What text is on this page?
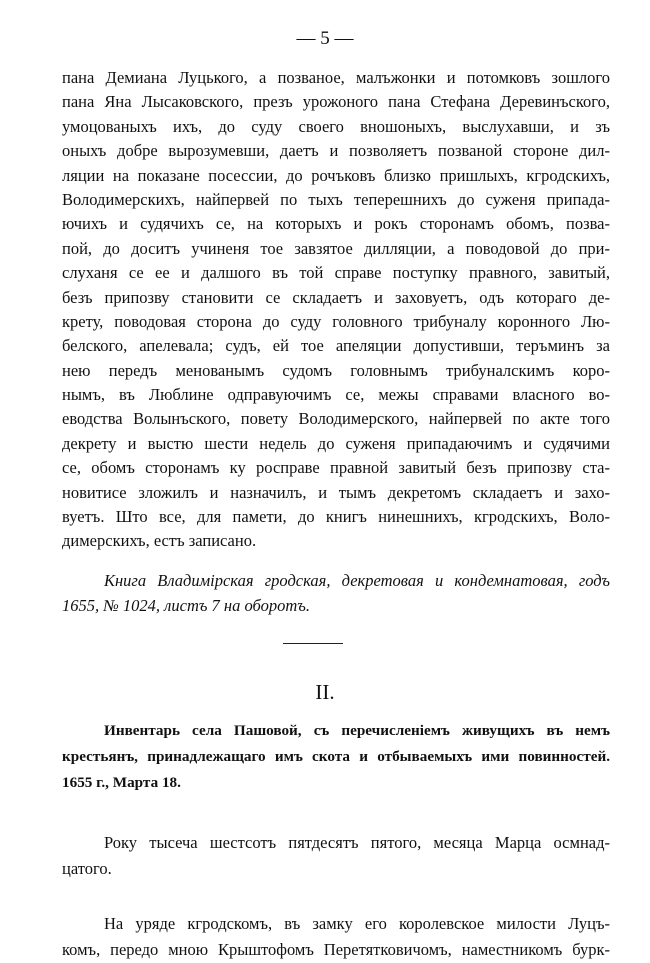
— 5 —
пана Демиана Луцького, а позваное, малъжонки и потомковъ зошлого
пана Яна Лысаковского, презъ урожоного пана Стефана Деревинъского,
умоцованыхъ ихъ, до суду своего вношоныхъ, выслухавши, и зъ
оныхъ добре вырозумевши, даетъ и позволяетъ позваной стороне дил-
ляции на показане посессии, до рочъковъ близко пришлыхъ, кгродскихъ,
Володимерскихъ, найпервей по тыхъ теперешнихъ до суженя припада-
ючихъ и судячихъ се, на которыхъ и рокъ сторонамъ обомъ, позва-
пой, до доситъ учиненя тое завзятое дилляции, а поводовой до при-
слуханя се ее и далшого въ той справе поступку правного, завитый,
безъ припозву становити се складаетъ и заховуетъ, одъ котораго де-
крету, поводовая сторона до суду головного трибуналу коронного Лю-
белского, апелевала; судъ, ей тое апеляции допустивши, теръминъ за
нею передъ менованымъ судомъ головнымъ трибуналскимъ коро-
нымъ, въ Люблине одправуючимъ се, межы справами власного во-
еводства Волынъского, повету Володимерского, найпервей по акте того
декрету и выстю шести недель до суженя припадаючимъ и судячими
се, обомъ сторонамъ ку росправе правной завитый безъ припозву ста-
новитисе зложилъ и назначилъ, и тымъ декретомъ складаетъ и захо-
вуетъ. Што все, для памети, до книгъ нинешнихъ, кгродскихъ, Воло-
димерскихъ, естъ записано.
Книга Владимірская гродская, декретовая и кондемнатовая, годъ
1655, № 1024, листъ 7 на оборотъ.
II.
Инвентарь села Пашовой, съ перечисленіемъ живущихъ въ немъ
крестьянъ, принадлежащаго имъ скота и отбываемыхъ ими повинностей.
1655 г., Марта 18.
Року тысеча шестсотъ пятдесятъ пятого, месяца Марца осмнад-
цатого.
На уряде кгродскомъ, въ замку его королевское милости Луцъ-
комъ, передо мною Крыштофомъ Перетятковичомъ, наместникомъ бурк-
